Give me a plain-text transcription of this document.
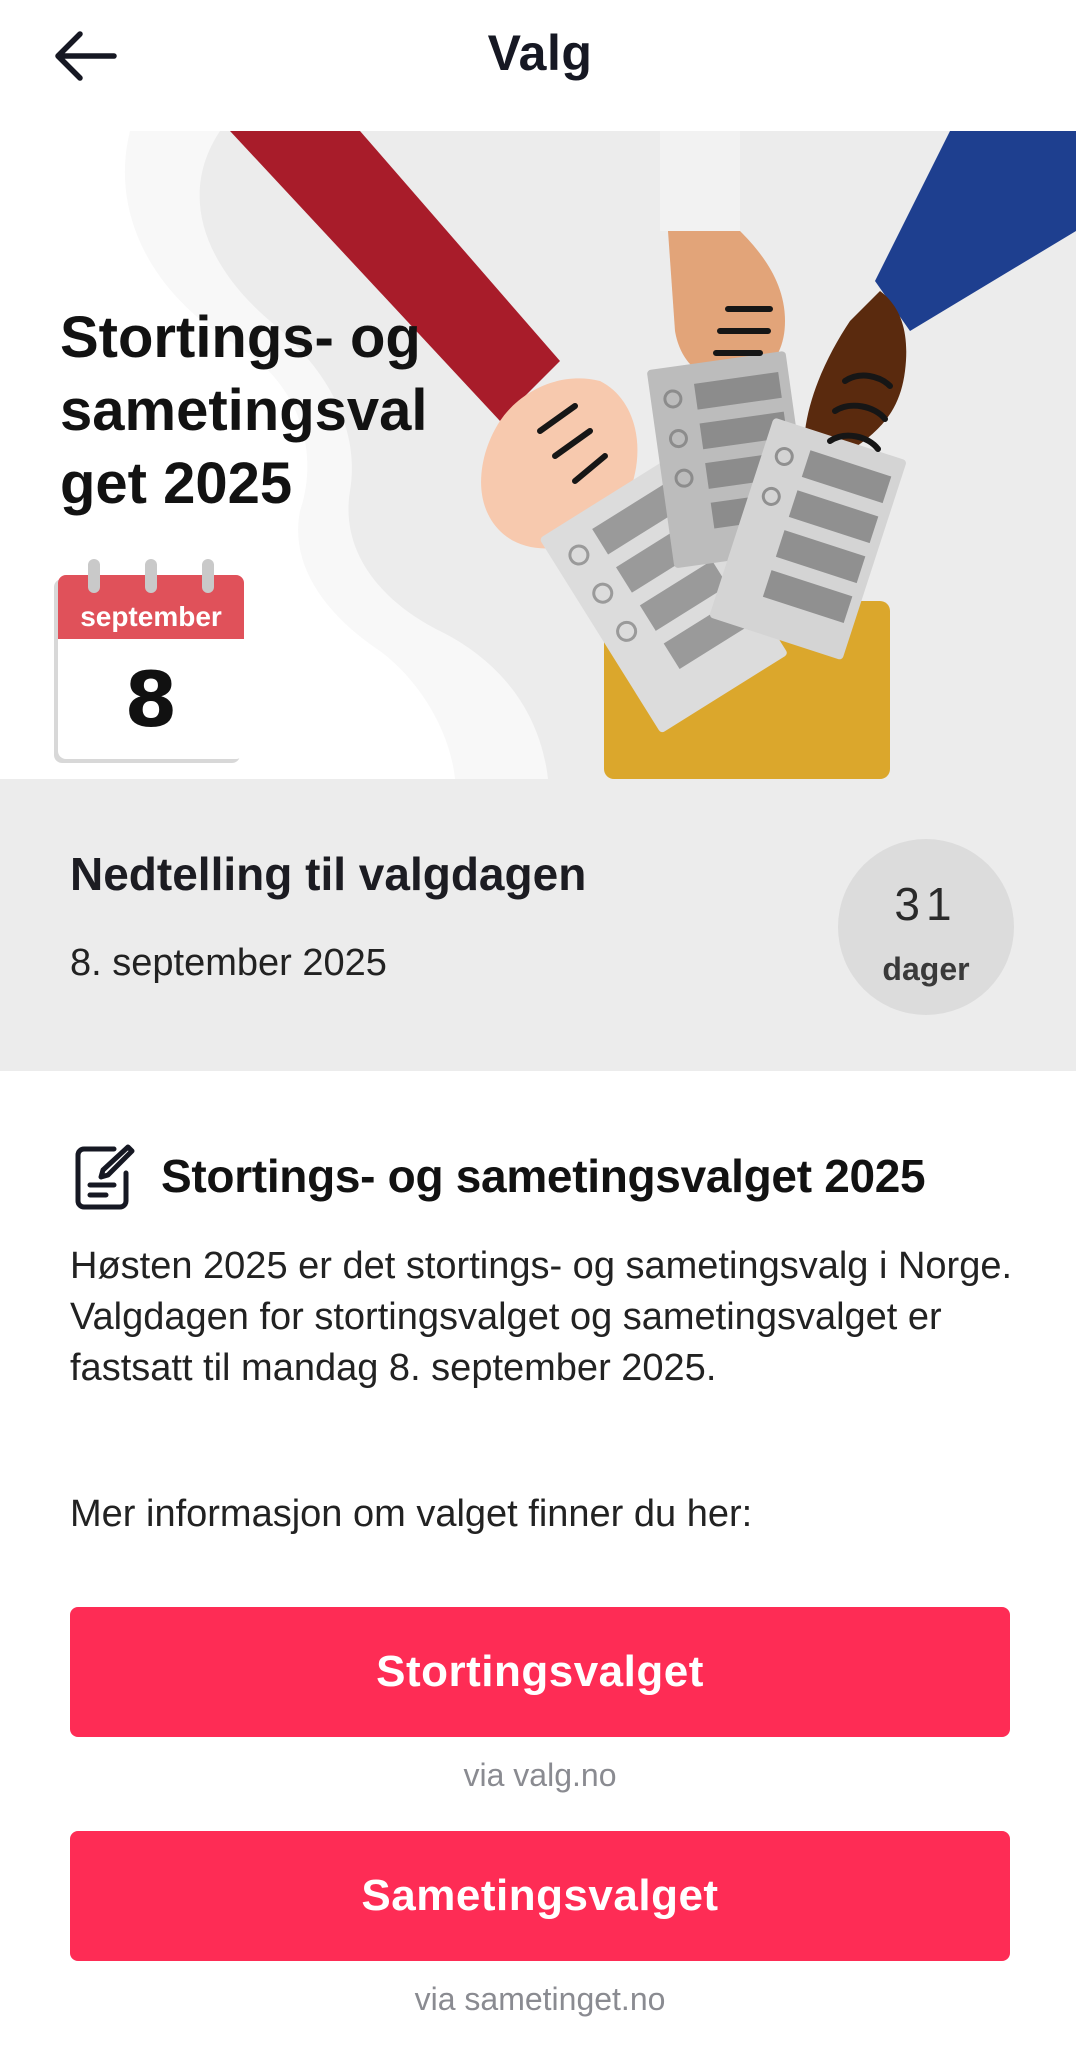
Valg
september
8
Stortings- og
sametingsval
get 2025
Nedtelling til valgdagen
8. september 2025
31
dager
Stortings- og sametingsvalget 2025
Høsten 2025 er det stortings- og sametingsvalg i Norge. Valgdagen for stortingsvalget og sametingsvalget er fastsatt til mandag 8. september 2025.
Mer informasjon om valget finner du her:
Stortingsvalget
via valg.no
Sametingsvalget
via sametinget.no
